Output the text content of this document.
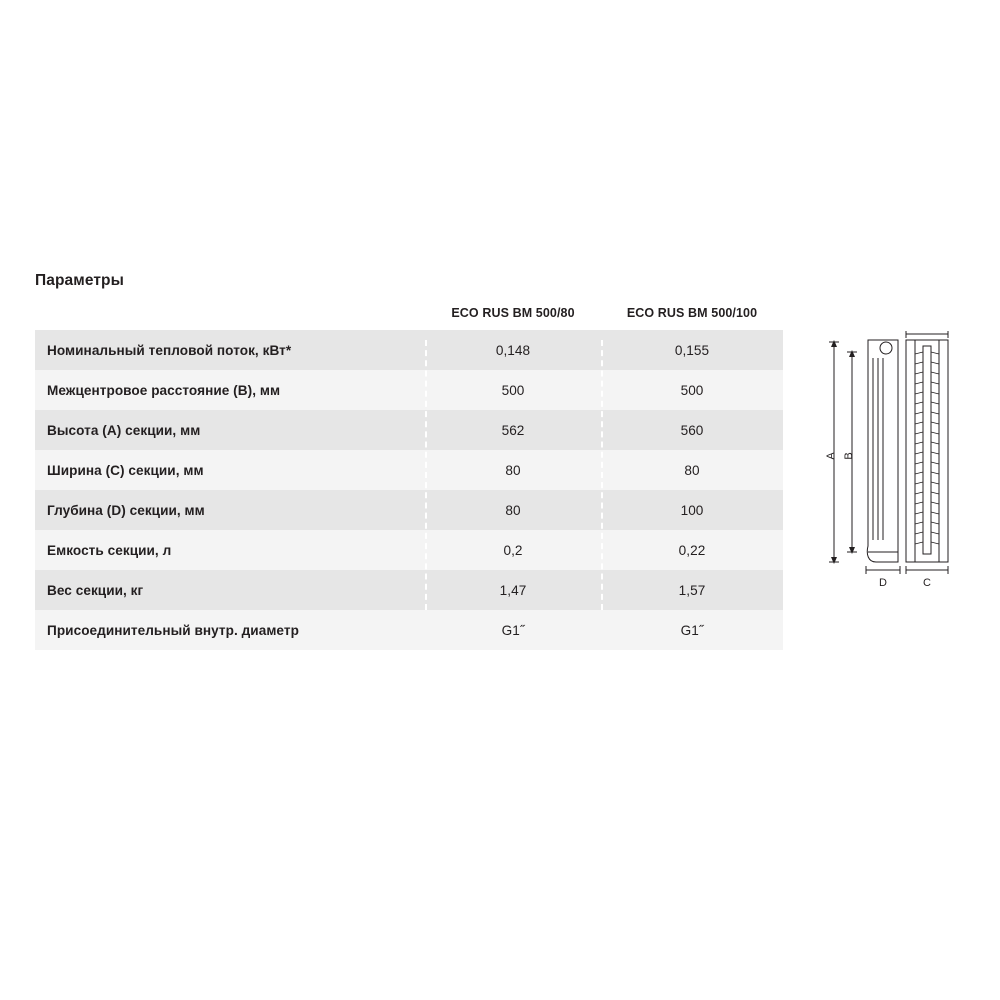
Параметры
	ECO RUS BM 500/80	ECO RUS BM 500/100
Номинальный тепловой поток, кВт*	0,148	0,155
Межцентровое расстояние (B), мм	500	500
Высота (A) секции, мм	562	560
Ширина (C) секции, мм	80	80
Глубина (D) секции, мм	80	100
Емкость секции, л	0,2	0,22
Вес секции, кг	1,47	1,57
Присоединительный внутр. диаметр	G1˝	G1˝
A B
D	C
